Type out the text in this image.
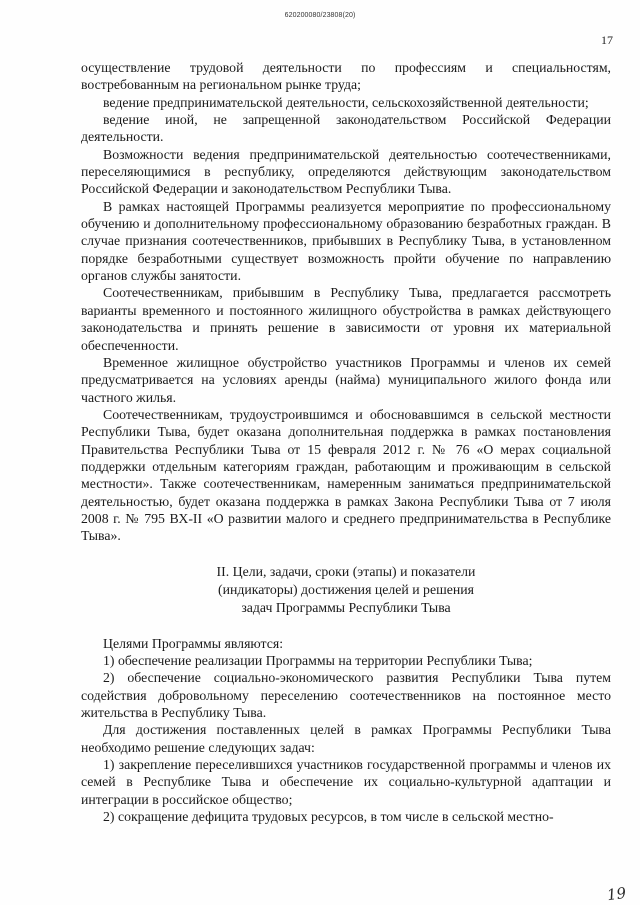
620200080/23808(20)
17

осуществление трудовой деятельности по профессиям и специальностям, востребованным на региональном рынке труда;

ведение предпринимательской деятельности, сельскохозяйственной деятельности;

ведение иной, не запрещенной законодательством Российской Федерации деятельности.

Возможности ведения предпринимательской деятельностью соотечественниками, переселяющимися в республику, определяются действующим законодательством Российской Федерации и законодательством Республики Тыва.

В рамках настоящей Программы реализуется мероприятие по профессиональному обучению и дополнительному профессиональному образованию безработных граждан. В случае признания соотечественников, прибывших в Республику Тыва, в установленном порядке безработными существует возможность пройти обучение по направлению органов службы занятости.

Соотечественникам, прибывшим в Республику Тыва, предлагается рассмотреть варианты временного и постоянного жилищного обустройства в рамках действующего законодательства и принять решение в зависимости от уровня их материальной обеспеченности.

Временное жилищное обустройство участников Программы и членов их семей предусматривается на условиях аренды (найма) муниципального жилого фонда или частного жилья.

Соотечественникам, трудоустроившимся и обосновавшимся в сельской местности Республики Тыва, будет оказана дополнительная поддержка в рамках постановления Правительства Республики Тыва от 15 февраля 2012 г. № 76 «О мерах социальной поддержки отдельным категориям граждан, работающим и проживающим в сельской местности». Также соотечественникам, намеренным заниматься предпринимательской деятельностью, будет оказана поддержка в рамках Закона Республики Тыва от 7 июля 2008 г. № 795 ВХ-II «О развитии малого и среднего предпринимательства в Республике Тыва».

II. Цели, задачи, сроки (этапы) и показатели
(индикаторы) достижения целей и решения
задач Программы Республики Тыва

Целями Программы являются:

1) обеспечение реализации Программы на территории Республики Тыва;

2) обеспечение социально-экономического развития Республики Тыва путем содействия добровольному переселению соотечественников на постоянное место жительства в Республику Тыва.

Для достижения поставленных целей в рамках Программы Республики Тыва необходимо решение следующих задач:

1) закрепление переселившихся участников государственной программы и членов их семей в Республике Тыва и обеспечение их социально-культурной адаптации и интеграции в российское общество;

2) сокращение дефицита трудовых ресурсов, в том числе в сельской местно-

19
